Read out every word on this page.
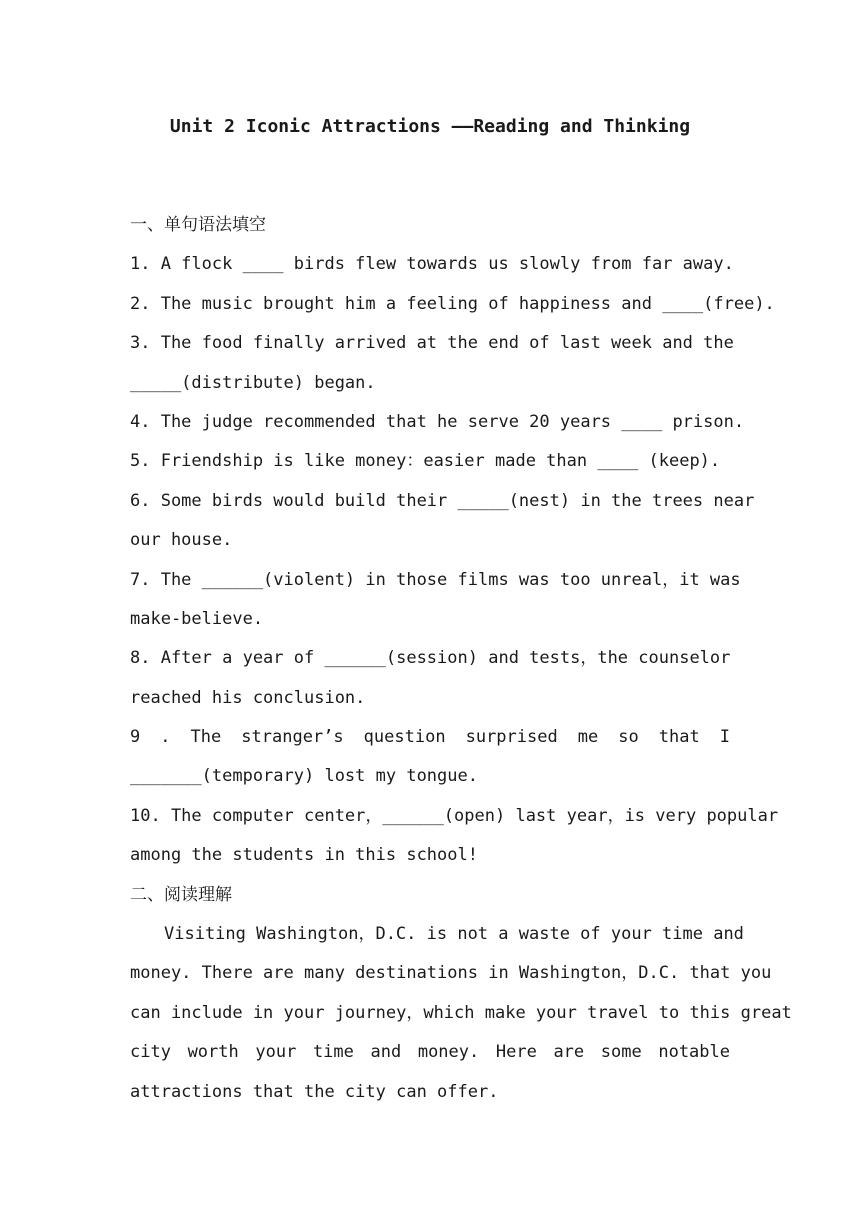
Unit 2 Iconic Attractions ——Reading and Thinking
一、单句语法填空
1. A flock ____ birds flew towards us slowly from far away.
2. The music brought him a feeling of happiness and ____(free).
3. The food finally arrived at the end of last week and the
_____(distribute) began.
4. The judge recommended that he serve 20 years ____ prison.
5. Friendship is like money：easier made than ____ (keep).
6. Some birds would build their _____(nest) in the trees near
our house.
7. The ______(violent) in those films was too unreal，it was
make-believe.
8. After a year of ______(session) and tests，the counselor
reached his conclusion.
9 . The stranger’s question surprised me so that I
_______(temporary) lost my tongue.
10. The computer center，______(open) last year，is very popular
among the students in this school!
二、阅读理解
Visiting Washington，D.C. is not a waste of your time and
money. There are many destinations in Washington，D.C. that you
can include in your journey，which make your travel to this great
city worth your time and money. Here are some notable
attractions that the city can offer.
